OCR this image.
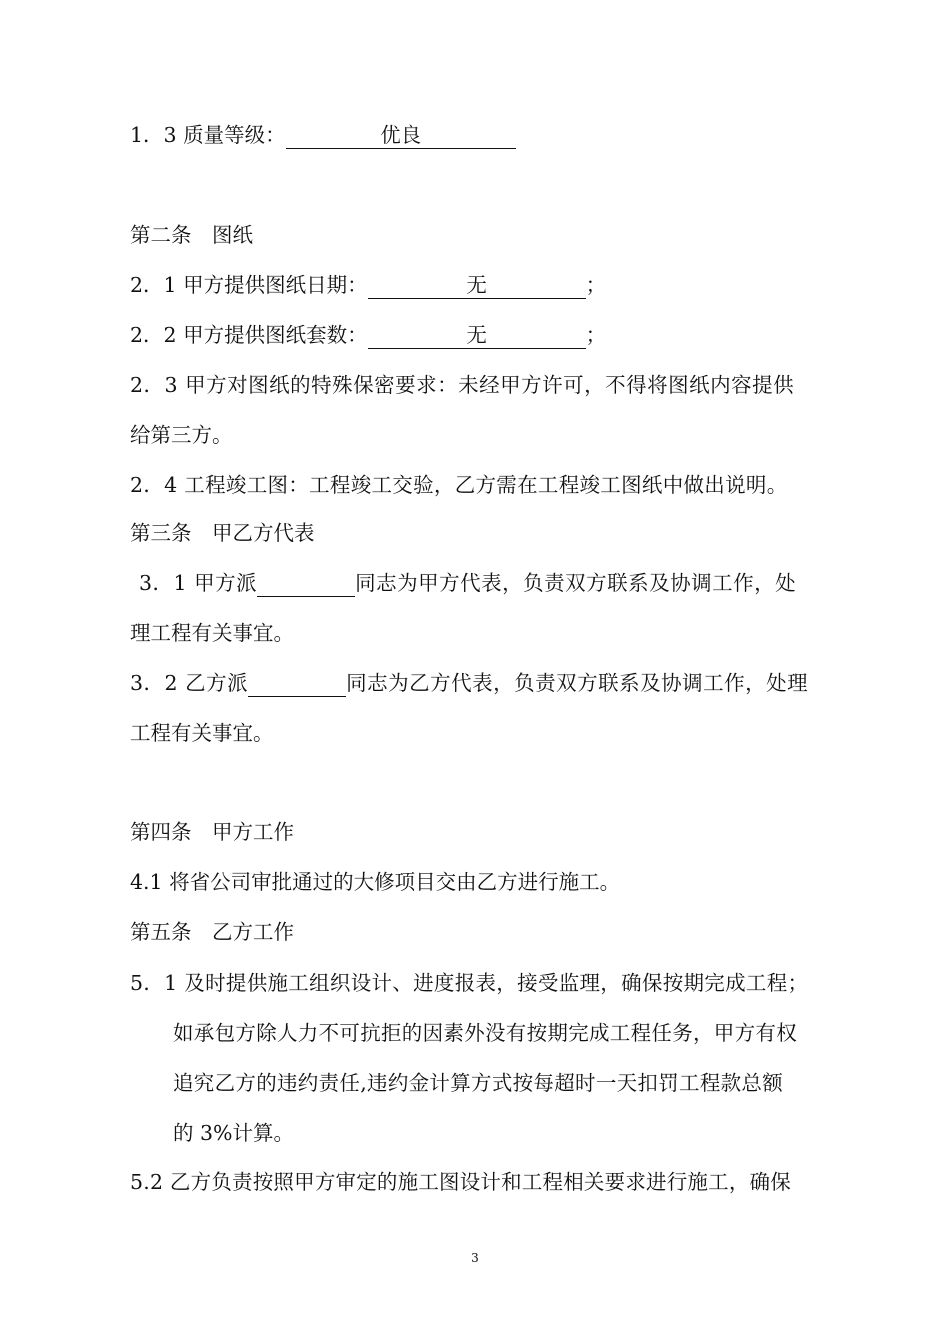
1．3 质量等级：	优良
第二条　图纸
2．1 甲方提供图纸日期：	无	；
2．2 甲方提供图纸套数：	无	；
2．3 甲方对图纸的特殊保密要求：未经甲方许可，不得将图纸内容提供
给第三方。
2．4 工程竣工图：工程竣工交验，乙方需在工程竣工图纸中做出说明。
第三条　甲乙方代表
3．1 甲方派	同志为甲方代表，负责双方联系及协调工作，处
理工程有关事宜。
3．2 乙方派	同志为乙方代表，负责双方联系及协调工作，处理
工程有关事宜。
第四条　甲方工作
4.1 将省公司审批通过的大修项目交由乙方进行施工。
第五条　乙方工作
5．1 及时提供施工组织设计、进度报表，接受监理，确保按期完成工程；
如承包方除人力不可抗拒的因素外没有按期完成工程任务，甲方有权
追究乙方的违约责任,违约金计算方式按每超时一天扣罚工程款总额
的 3%计算。
5.2 乙方负责按照甲方审定的施工图设计和工程相关要求进行施工，确保
3
